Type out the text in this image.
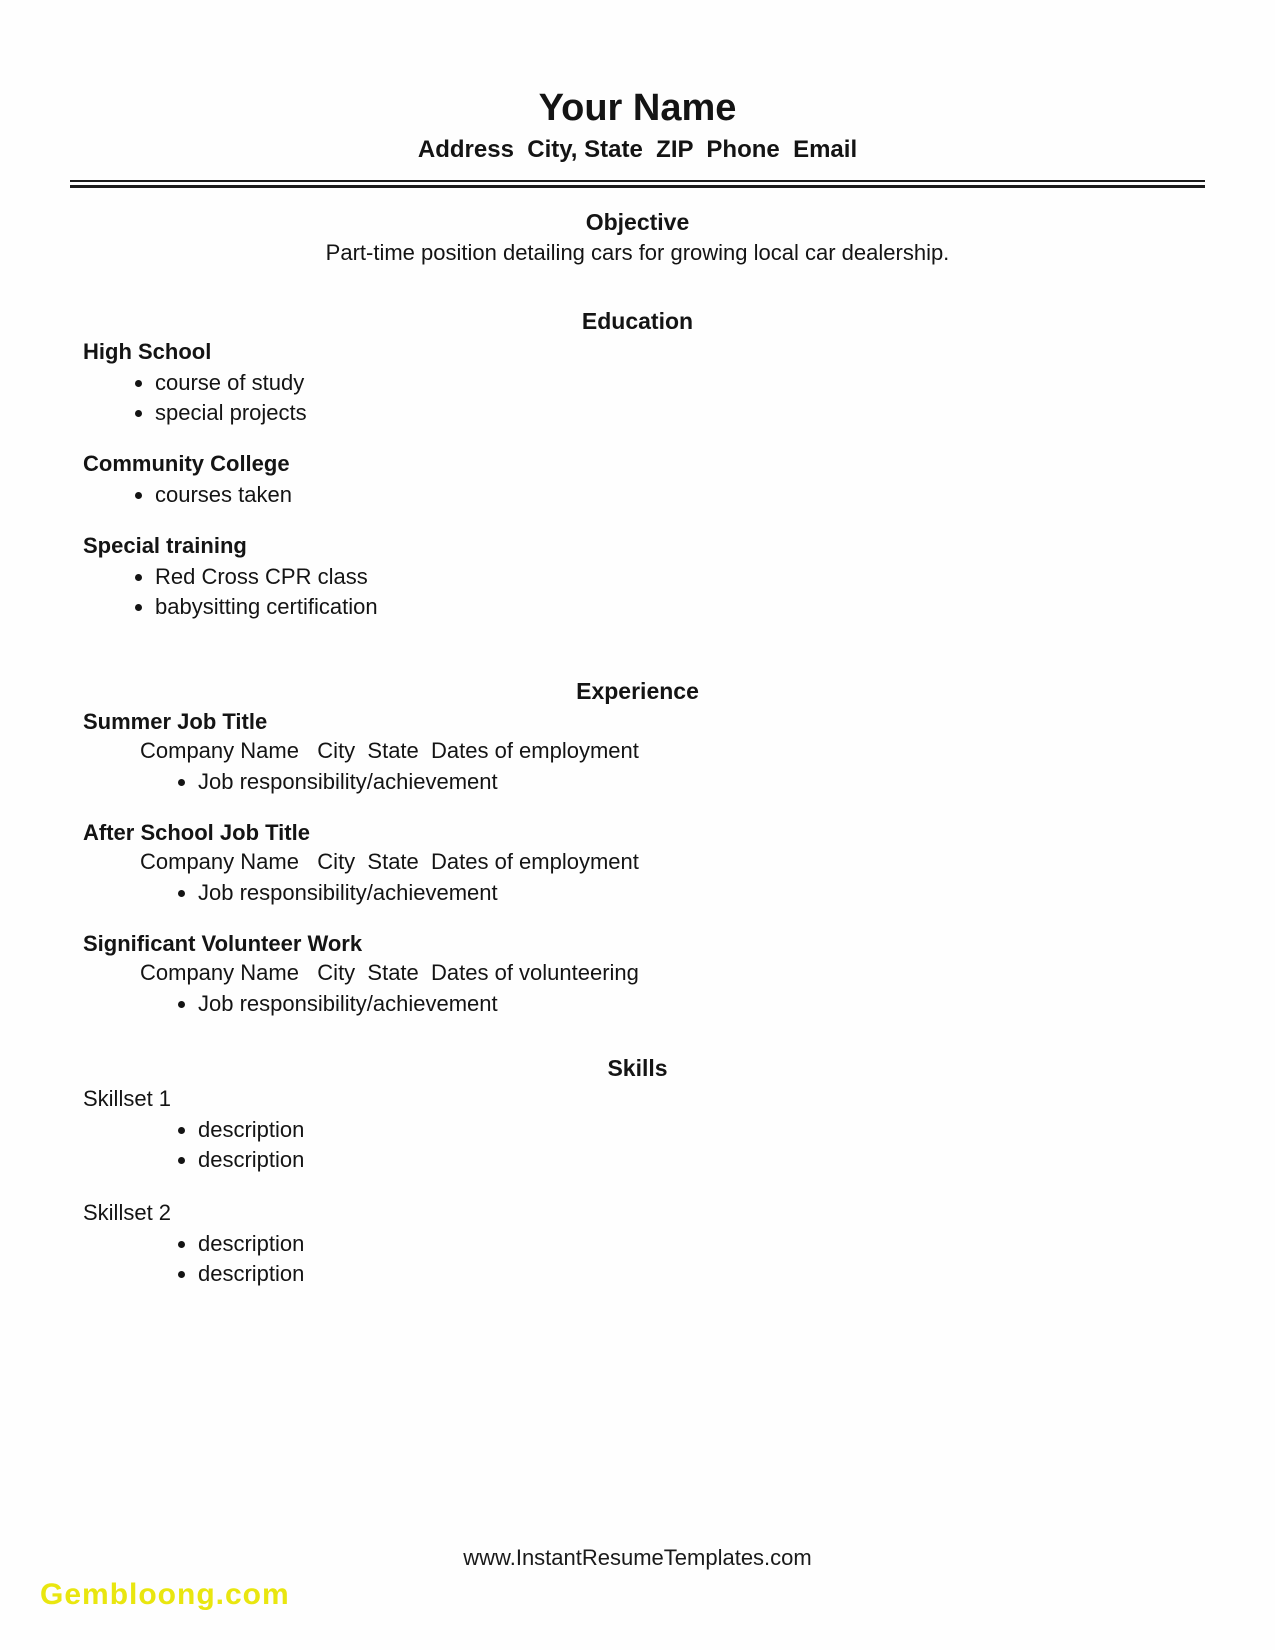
Your Name
Address  City, State  ZIP  Phone  Email
Objective

Part-time position detailing cars for growing local car dealership.

Education
High School
• course of study
• special projects
Community College
• courses taken
Special training
• Red Cross CPR class
• babysitting certification
Experience
Summer Job Title
Company Name   City  State  Dates of employment
• Job responsibility/achievement
After School Job Title
Company Name   City  State  Dates of employment
• Job responsibility/achievement
Significant Volunteer Work
Company Name   City  State  Dates of volunteering
• Job responsibility/achievement
Skills
Skillset 1
• description
• description
Skillset 2
• description
• description
www.InstantResumeTemplates.com
Gembloong.com
